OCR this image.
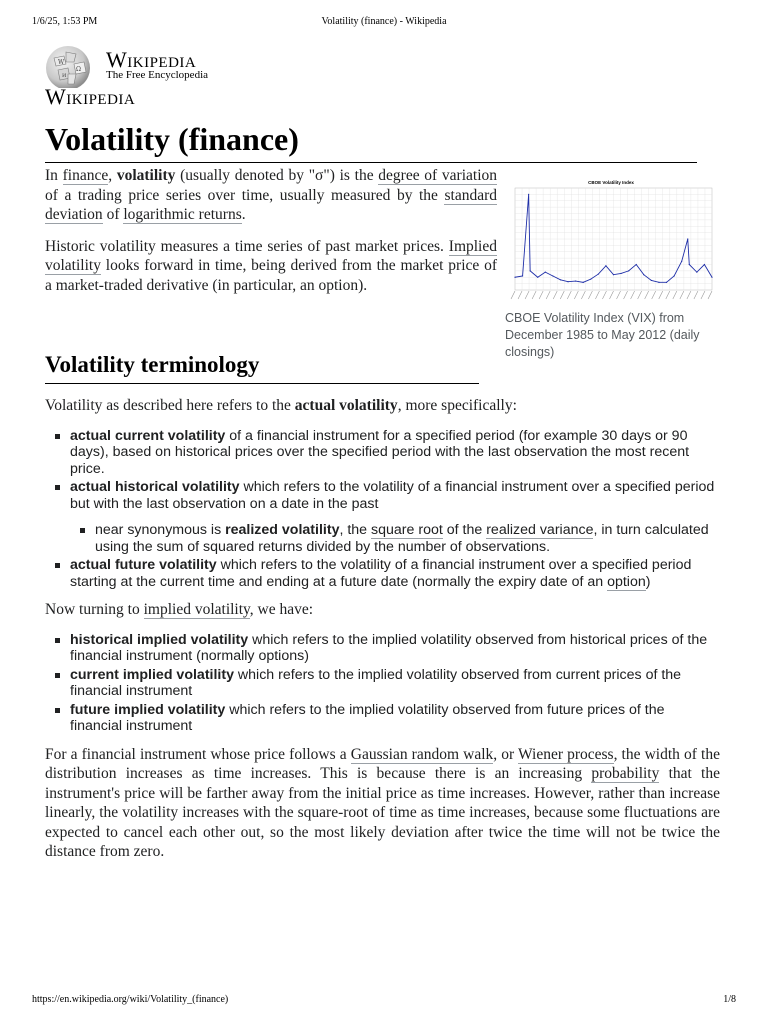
1/6/25, 1:53 PM	Volatility (finance) - Wikipedia
W
Ω
И
Wikipedia
The Free Encyclopedia
Wikipedia
Volatility (finance)

In finance, volatility (usually denoted by "σ") is the degree of variation of a trading price series over time, usually measured by the standard deviation of logarithmic returns.

Historic volatility measures a time series of past market prices. Implied volatility looks forward in time, being derived from the market price of a market-traded derivative (in particular, an option).

CBOE Volatility Index
CBOE Volatility Index (VIX) from December 1985 to May 2012 (daily closings)
Volatility terminology

Volatility as described here refers to the actual volatility, more specifically:

actual current volatility of a financial instrument for a specified period (for example 30 days or 90 days), based on historical prices over the specified period with the last observation the most recent price.
actual historical volatility which refers to the volatility of a financial instrument over a specified period but with the last observation on a date in the past
near synonymous is realized volatility, the square root of the realized variance, in turn calculated using the sum of squared returns divided by the number of observations.
actual future volatility which refers to the volatility of a financial instrument over a specified period starting at the current time and ending at a future date (normally the expiry date of an option)

Now turning to implied volatility, we have:

historical implied volatility which refers to the implied volatility observed from historical prices of the financial instrument (normally options)
current implied volatility which refers to the implied volatility observed from current prices of the financial instrument
future implied volatility which refers to the implied volatility observed from future prices of the financial instrument

For a financial instrument whose price follows a Gaussian random walk, or Wiener process, the width of the distribution increases as time increases. This is because there is an increasing probability that the instrument's price will be farther away from the initial price as time increases. However, rather than increase linearly, the volatility increases with the square-root of time as time increases, because some fluctuations are expected to cancel each other out, so the most likely deviation after twice the time will not be twice the distance from zero.

https://en.wikipedia.org/wiki/Volatility_(finance)	1/8
